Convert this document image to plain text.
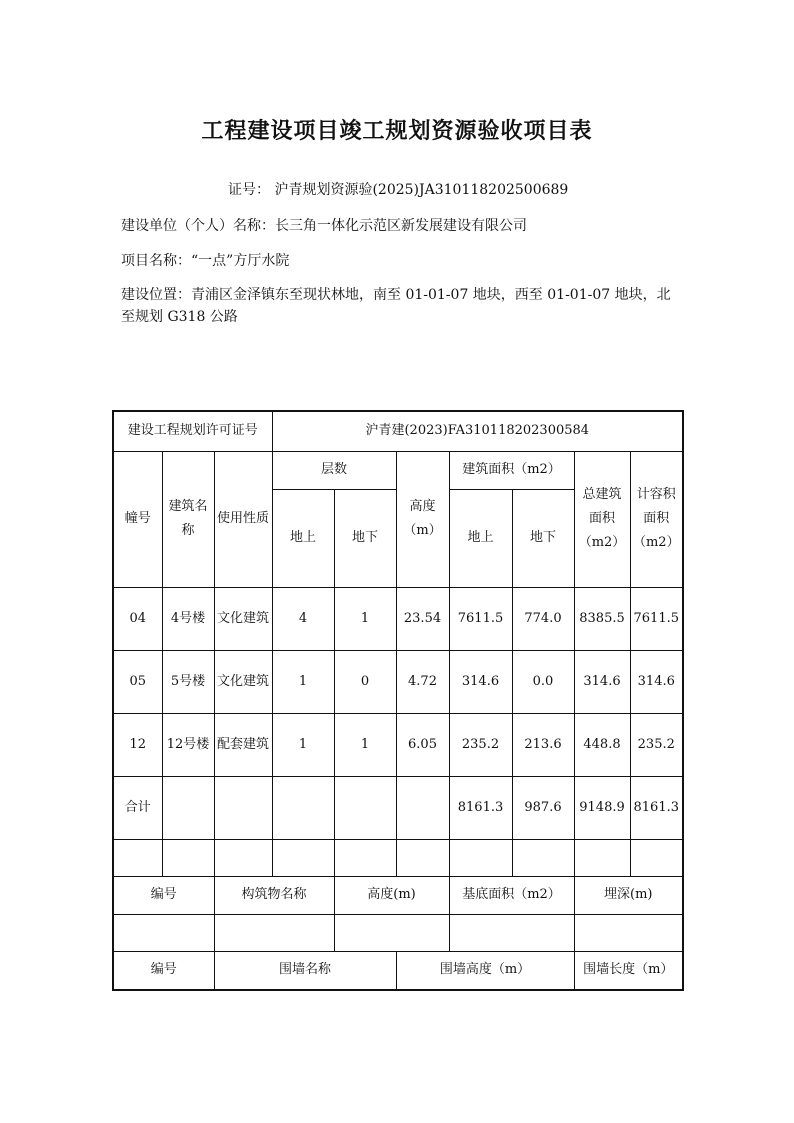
工程建设项目竣工规划资源验收项目表
证号： 沪青规划资源验(2025)JA310118202500689
建设单位（个人）名称：长三角一体化示范区新发展建设有限公司
项目名称：“一点”方厅水院
建设位置：青浦区金泽镇东至现状林地，南至 01-01-07 地块，西至 01-01-07 地块，北至规划 G318 公路
建设工程规划许可证号			沪青建(2023)FA310118202300584						
幢号	建筑名称	使用性质	层数		高度（m）	建筑面积（m2）		总建筑面积（m2）	计容积面积（m2）
			地上	地下		地上	地下		
04	4号楼	文化建筑	4	1	23.54	7611.5	774.0	8385.5	7611.5
05	5号楼	文化建筑	1	0	4.72	314.6	0.0	314.6	314.6
12	12号楼	配套建筑	1	1	6.05	235.2	213.6	448.8	235.2
合计						8161.3	987.6	9148.9	8161.3

编号		构筑物名称		高度(m)		基底面积（m2）		埋深(m)	

编号		围墙名称			围墙高度（m）			围墙长度（m）	
